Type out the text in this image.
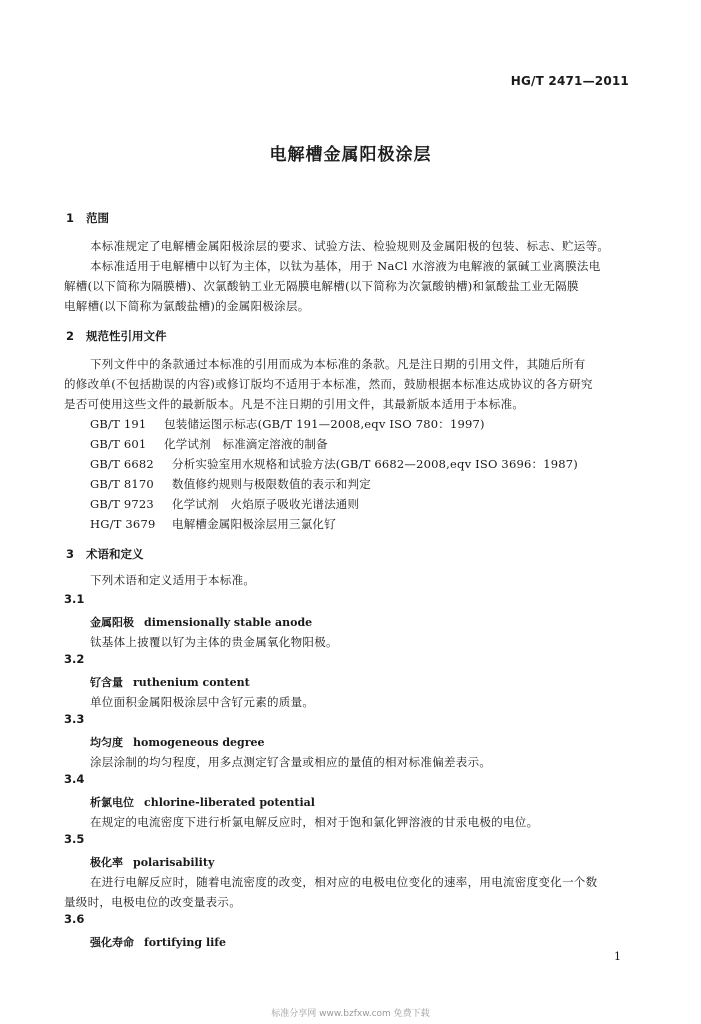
HG/T 2471—2011
电解槽金属阳极涂层
1 范围
本标准规定了电解槽金属阳极涂层的要求、试验方法、检验规则及金属阳极的包装、标志、贮运等。
本标准适用于电解槽中以钌为主体，以钛为基体，用于 NaCl 水溶液为电解液的氯碱工业离膜法电
解槽(以下简称为隔膜槽)、次氯酸钠工业无隔膜电解槽(以下简称为次氯酸钠槽)和氯酸盐工业无隔膜
电解槽(以下简称为氯酸盐槽)的金属阳极涂层。
2 规范性引用文件
下列文件中的条款通过本标准的引用而成为本标准的条款。凡是注日期的引用文件，其随后所有
的修改单(不包括勘误的内容)或修订版均不适用于本标准，然而，鼓励根据本标准达成协议的各方研究
是否可使用这些文件的最新版本。凡是不注日期的引用文件，其最新版本适用于本标准。
GB/T 191 包装储运图示标志(GB/T 191—2008,eqv ISO 780：1997)
GB/T 601 化学试剂　标准滴定溶液的制备
GB/T 6682 分析实验室用水规格和试验方法(GB/T 6682—2008,eqv ISO 3696：1987)
GB/T 8170 数值修约规则与极限数值的表示和判定
GB/T 9723 化学试剂　火焰原子吸收光谱法通则
HG/T 3679 电解槽金属阳极涂层用三氯化钌
3 术语和定义
下列术语和定义适用于本标准。
3.1
金属阳极 dimensionally stable anode
钛基体上披覆以钌为主体的贵金属氧化物阳极。
3.2
钌含量 ruthenium content
单位面积金属阳极涂层中含钌元素的质量。
3.3
均匀度 homogeneous degree
涂层涂制的均匀程度，用多点测定钌含量或相应的量值的相对标准偏差表示。
3.4
析氯电位 chlorine-liberated potential
在规定的电流密度下进行析氯电解反应时，相对于饱和氯化钾溶液的甘汞电极的电位。
3.5
极化率 polarisability
在进行电解反应时，随着电流密度的改变，相对应的电极电位变化的速率，用电流密度变化一个数
量级时，电极电位的改变量表示。
3.6
强化寿命 fortifying life
1
标准分享网 www.bzfxw.com 免费下载
